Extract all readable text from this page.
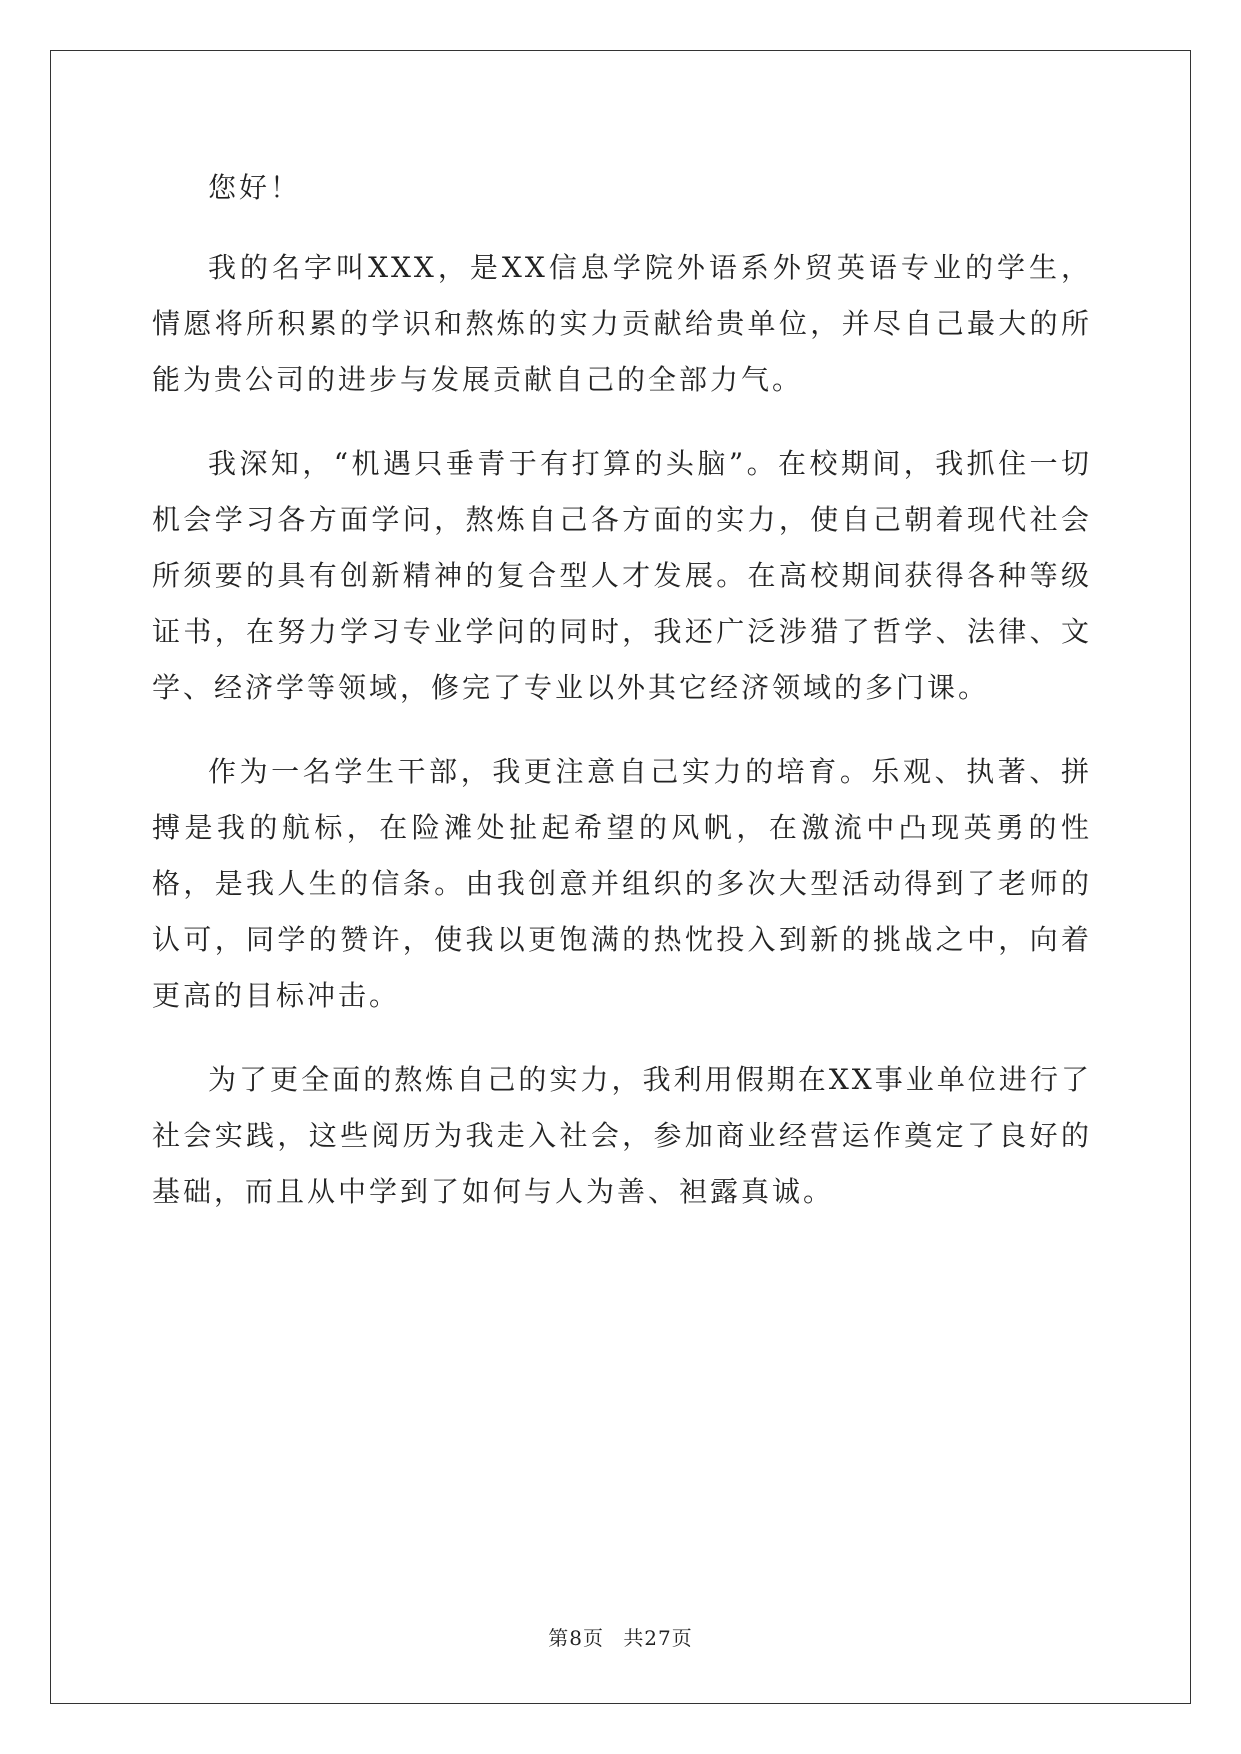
您好！

我的名字叫XXX，是XX信息学院外语系外贸英语专业的学生，情愿将所积累的学识和熬炼的实力贡献给贵单位，并尽自己最大的所能为贵公司的进步与发展贡献自己的全部力气。

我深知，“机遇只垂青于有打算的头脑”。在校期间，我抓住一切机会学习各方面学问，熬炼自己各方面的实力，使自己朝着现代社会所须要的具有创新精神的复合型人才发展。在高校期间获得各种等级证书，在努力学习专业学问的同时，我还广泛涉猎了哲学、法律、文学、经济学等领域，修完了专业以外其它经济领域的多门课。

作为一名学生干部，我更注意自己实力的培育。乐观、执著、拼搏是我的航标，在险滩处扯起希望的风帆，在激流中凸现英勇的性格，是我人生的信条。由我创意并组织的多次大型活动得到了老师的认可，同学的赞许，使我以更饱满的热忱投入到新的挑战之中，向着更高的目标冲击。

为了更全面的熬炼自己的实力，我利用假期在XX事业单位进行了社会实践，这些阅历为我走入社会，参加商业经营运作奠定了良好的基础，而且从中学到了如何与人为善、袒露真诚。

第8页 共27页
